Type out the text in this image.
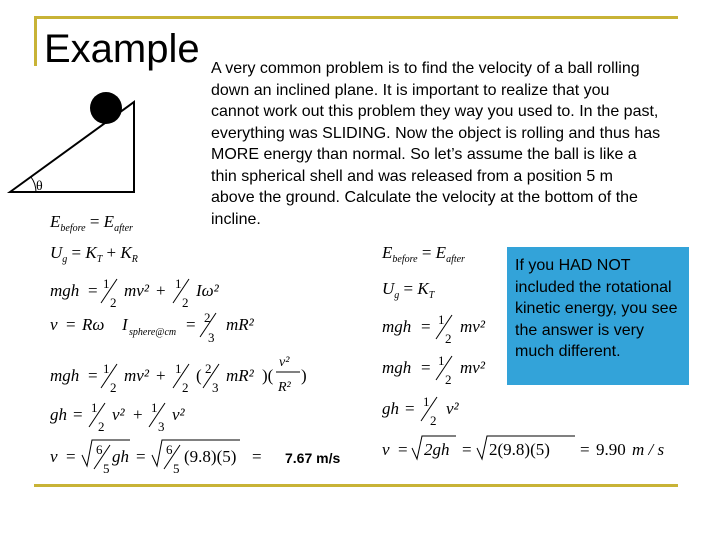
Example A very common problem is to find the velocity of a ball rolling down an inclined plane. It is important to realize that you cannot work out this problem they way you used to. In the past, everything was SLIDING. Now the object is rolling and thus has MORE energy than normal. So let’s assume the ball is like a thin spherical shell and was released from a position 5 m above the ground. Calculate the velocity at the bottom of the incline.

θ
If you HAD NOT included the rotational kinetic energy, you see the answer is very much different.
7.67 m/s
$E_{before} = E_{after}$
$U_g = K_T + K_R$
mgh = 1
2
mv² + 1
2
Iω²
v = Rω I sphere@cm = 2
3
mR²
mgh = 1
2
mv² + 1
2
( 2
3
mR² )(
v²
R²
)
gh = 1
2
v² + 1
3
v²
v = 6
5
gh = 6
5
(9.8)(5) =
$E_{before} = E_{after}$
$U_g = K_T$
mgh = 1
2
mv²
mgh = 1
2
mv²
gh = 1
2
v²
v = 2gh = 2(9.8)(5) = 9.90 m / s
